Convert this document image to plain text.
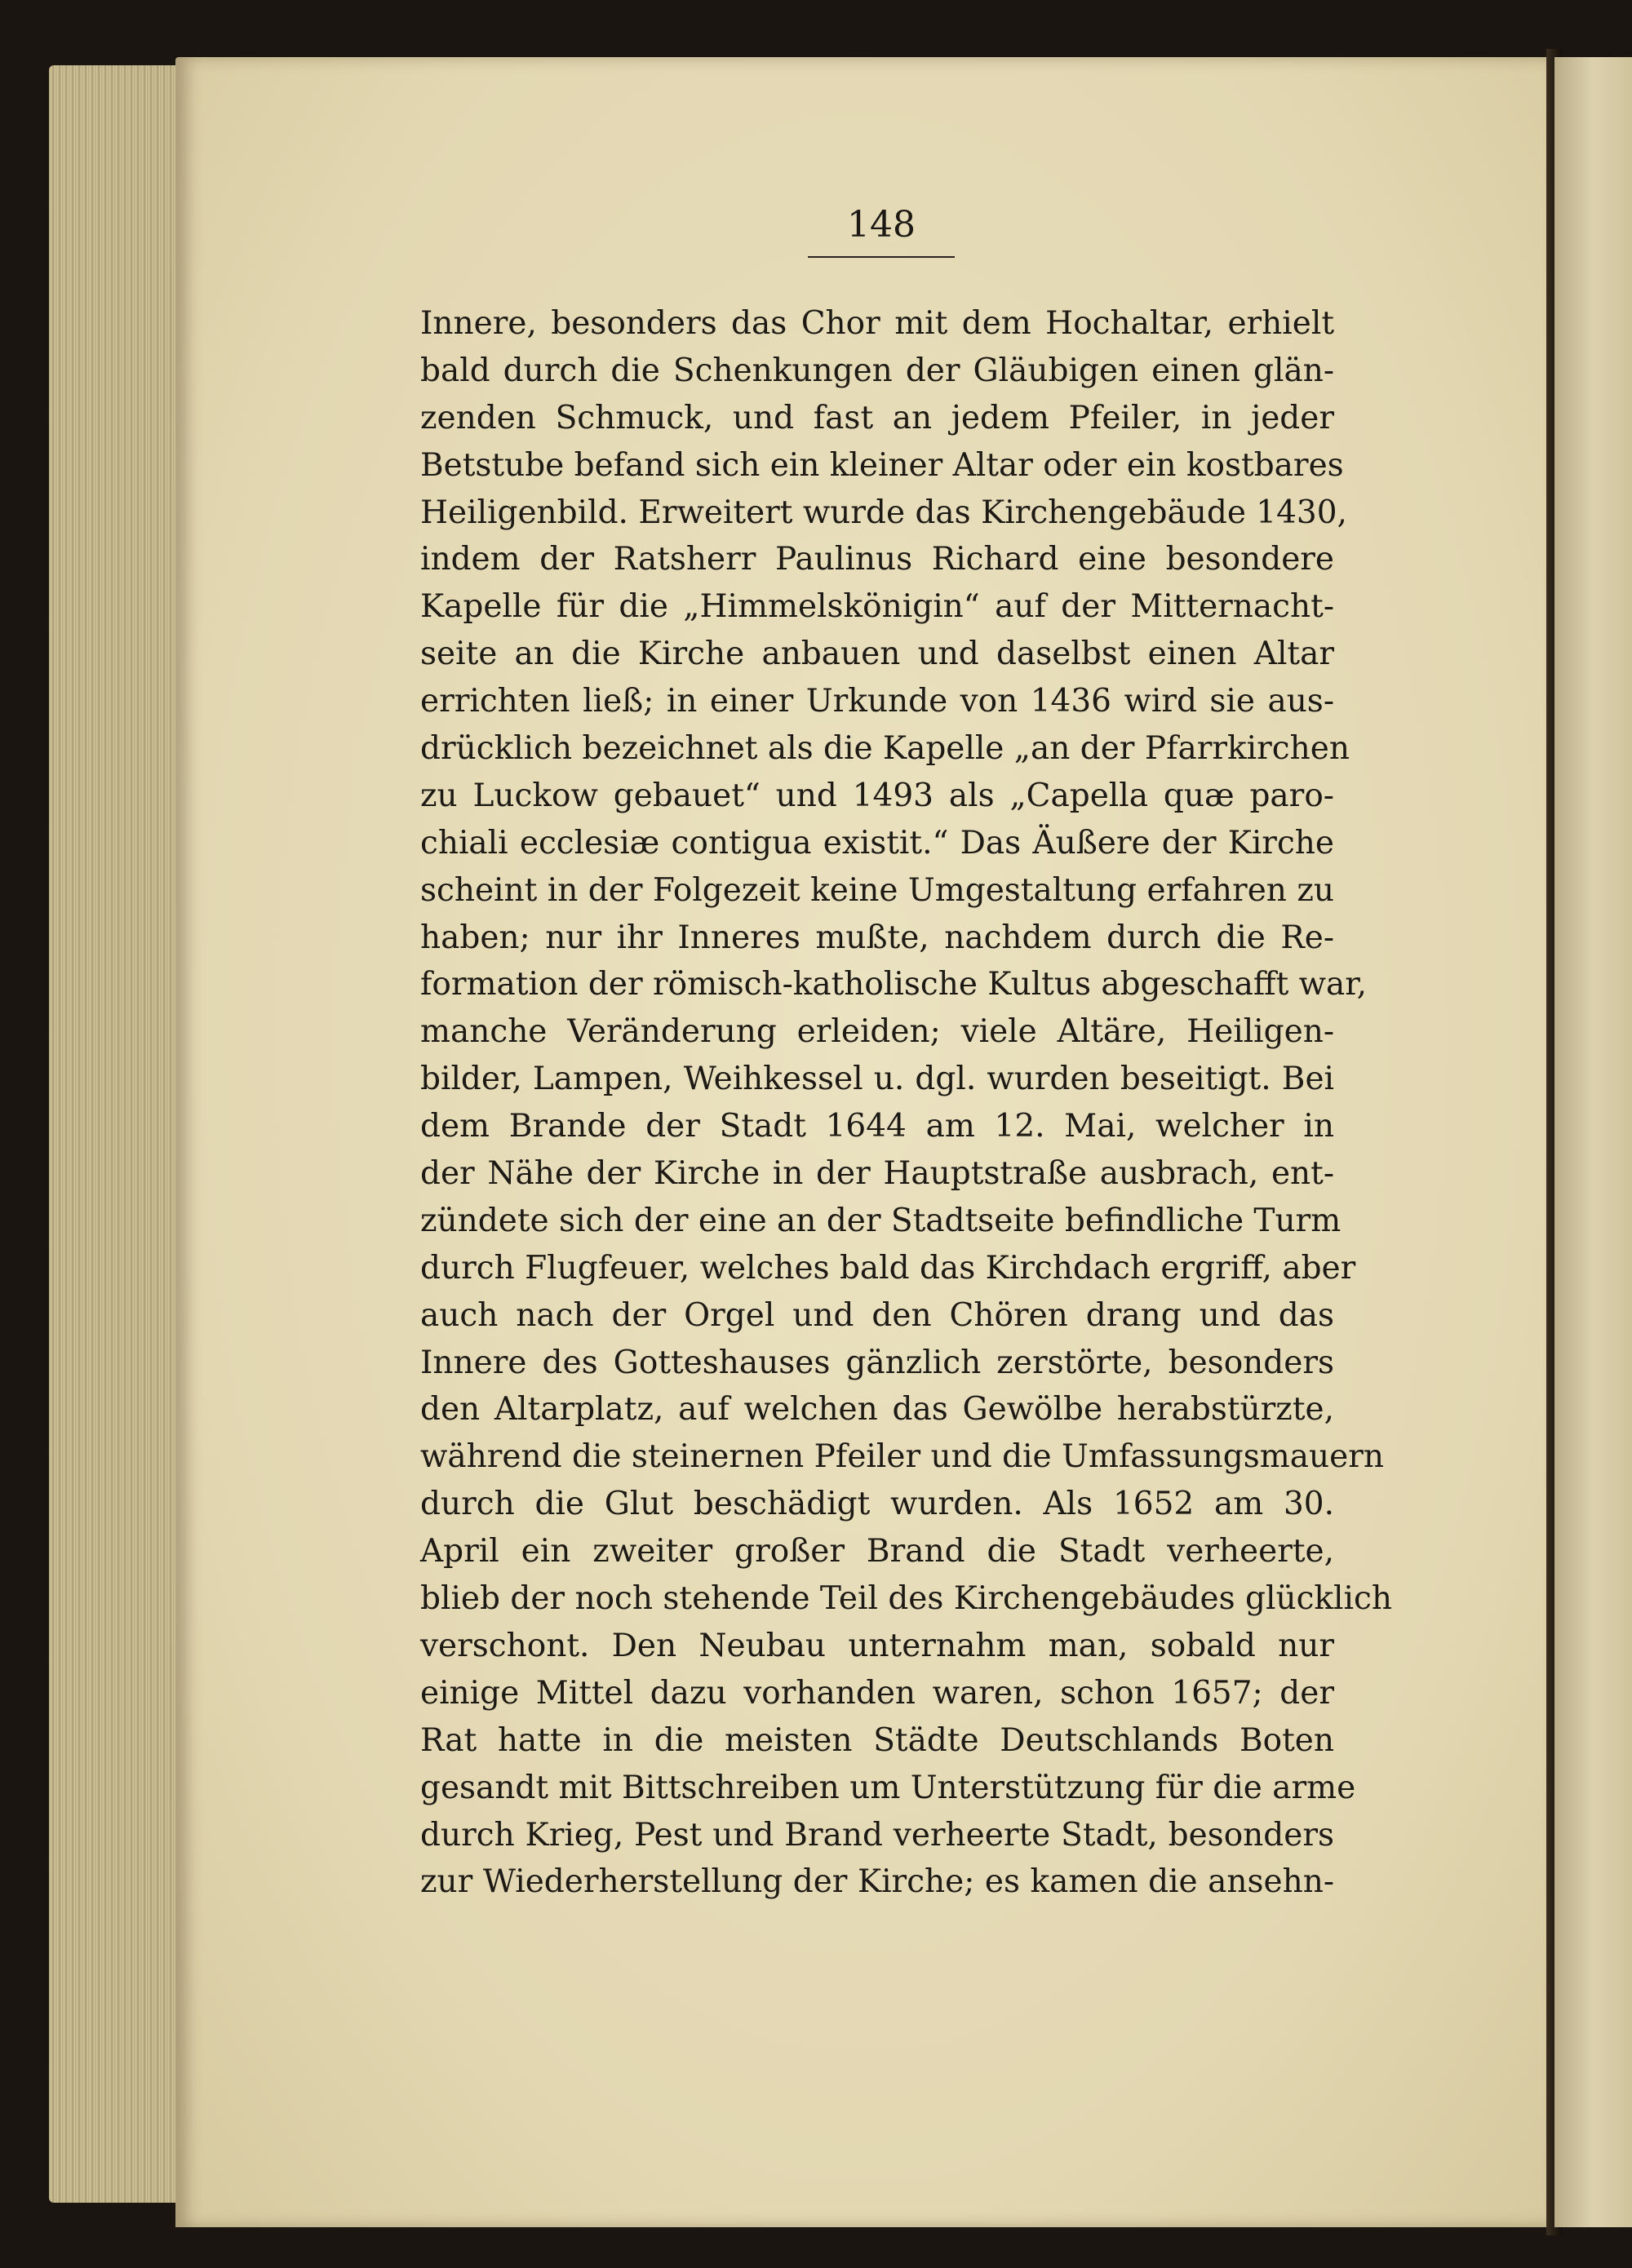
148

Innere, besonders das Chor mit dem Hochaltar, erhielt
bald durch die Schenkungen der Gläubigen einen glän-
zenden Schmuck, und fast an jedem Pfeiler, in jeder
Betstube befand sich ein kleiner Altar oder ein kostbares
Heiligenbild. Erweitert wurde das Kirchengebäude 1430,
indem der Ratsherr Paulinus Richard eine besondere
Kapelle für die „Himmelskönigin“ auf der Mitternacht-
seite an die Kirche anbauen und daselbst einen Altar
errichten ließ; in einer Urkunde von 1436 wird sie aus-
drücklich bezeichnet als die Kapelle „an der Pfarrkirchen
zu Luckow gebauet“ und 1493 als „Capella quæ paro-
chiali ecclesiæ contigua existit.“ Das Äußere der Kirche
scheint in der Folgezeit keine Umgestaltung erfahren zu
haben; nur ihr Inneres mußte, nachdem durch die Re-
formation der römisch-katholische Kultus abgeschafft war,
manche Veränderung erleiden; viele Altäre, Heiligen-
bilder, Lampen, Weihkessel u. dgl. wurden beseitigt. Bei
dem Brande der Stadt 1644 am 12. Mai, welcher in
der Nähe der Kirche in der Hauptstraße ausbrach, ent-
zündete sich der eine an der Stadtseite befindliche Turm
durch Flugfeuer, welches bald das Kirchdach ergriff, aber
auch nach der Orgel und den Chören drang und das
Innere des Gotteshauses gänzlich zerstörte, besonders
den Altarplatz, auf welchen das Gewölbe herabstürzte,
während die steinernen Pfeiler und die Umfassungsmauern
durch die Glut beschädigt wurden. Als 1652 am 30.
April ein zweiter großer Brand die Stadt verheerte,
blieb der noch stehende Teil des Kirchengebäudes glücklich
verschont. Den Neubau unternahm man, sobald nur
einige Mittel dazu vorhanden waren, schon 1657; der
Rat hatte in die meisten Städte Deutschlands Boten
gesandt mit Bittschreiben um Unterstützung für die arme
durch Krieg, Pest und Brand verheerte Stadt, besonders
zur Wiederherstellung der Kirche; es kamen die ansehn-
